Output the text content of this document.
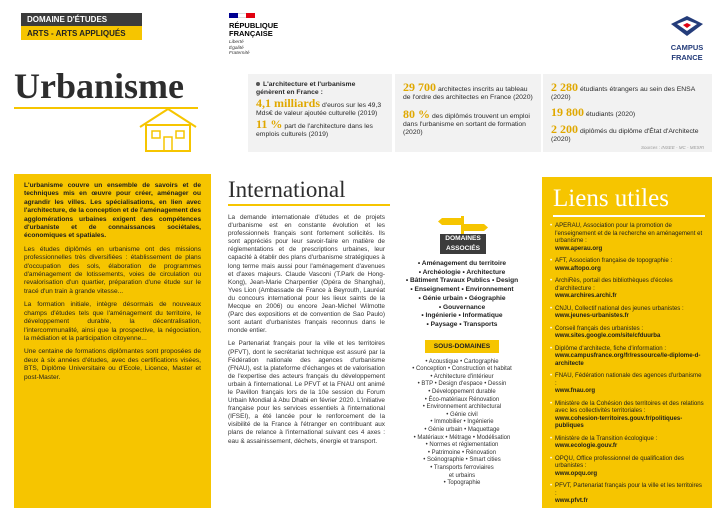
DOMAINE D'ÉTUDES
ARTS - ARTS APPLIQUÉS
Urbanisme
RÉPUBLIQUE
FRANÇAISE
Liberté
Égalité
Fraternité
CAMPUS
FRANCE
L'architecture et l'urbanisme génèrent en France :
4,1 milliards d'euros sur les 49,3 Mds€ de valeur ajoutée culturelle (2019)
11 % part de l'architecture dans les emplois culturels (2019)
29 700 architectes inscrits au tableau de l'ordre des architectes en France (2020)
80 % des diplômés trouvent un emploi dans l'urbanisme en sortant de formation (2020)
2 280 étudiants étrangers au sein des ENSA (2020)
19 800 étudiants (2020)
2 200 diplômés du diplôme d'État d'Architecte (2020)
Sources : INSEE - MC - MESRI

L'urbanisme couvre un ensemble de savoirs et de techniques mis en œuvre pour créer, aménager ou agrandir les villes. Les spécialisations, en lien avec l'architecture, de la conception et de l'aménagement des agglomérations urbaines exigent des compétences d'urbaniste et de connaissances sociétales, économiques et spatiales.

Les études diplômés en urbanisme ont des missions professionnelles très diversifiées : établissement de plans d'occupation des sols, élaboration de programmes d'aménagement de lotissements, voies de circulation ou revalorisation d'un quartier, préparation d'une étude sur le tracé d'un train à grande vitesse...

La formation initiale, intègre désormais de nouveaux champs d'études tels que l'aménagement du territoire, le développement durable, la décentralisation, l'intercommunalité, ainsi que la prospective, la négociation, la médiation et la participation citoyenne...

Une centaine de formations diplômantes sont proposées de deux à six années d'études, avec des certifications visées, BTS, Diplôme Universitaire ou d'Ecole, Licence, Master et post-Master.

International

La demande internationale d'études et de projets d'urbanisme est en constante évolution et les professionnels français sont fortement sollicités. Ils sont appréciés pour leur savoir-faire en matière de réglementations et de prescriptions urbaines, leur capacité à établir des plans d'urbanisme stratégiques à long terme mais aussi pour l'aménagement d'avenues et d'axes majeurs. Claude Vasconi (T.Park de Hong-Kong), Jean-Marie Charpentier (Opéra de Shanghai), Yves Lion (Ambassade de France à Beyrouth, Lauréat du concours international pour les lieux saints de la Mecque en 2006) ou encore Jean-Michel Wilmotte (Parc des expositions et de convention de Sao Paulo) sont autant d'urbanistes français reconnus dans le monde entier.

Le Partenariat français pour la ville et les territoires (PFVT), dont le secrétariat technique est assuré par la Fédération nationale des agences d'urbanisme (FNAU), est la plateforme d'échanges et de valorisation de l'expertise des acteurs français du développement urbain à l'international. Le PFVT et la FNAU ont animé le Pavillon français lors de la 10e session du Forum Urbain Mondial à Abu Dhabi en février 2020. L'initiative française pour les services essentiels à l'international (IFSEI), a été lancée pour le renforcement de la visibilité de la France à l'étranger en contribuant aux plans de relance à l'international suivant ces 4 axes : eau & assainissement, déchets, énergie et transport.

DOMAINES
ASSOCIÉS
• Aménagement du territoire
• Archéologie • Architecture
• Bâtiment Travaux Publics • Design
• Enseignement • Environnement
• Génie urbain • Géographie
• Gouvernance
• Ingénierie • Informatique
• Paysage • Transports
SOUS-DOMAINES
• Acoustique • Cartographie
• Conception • Construction et habitat
• Architecture d'intérieur
• BTP • Design d'espace • Dessin
• Développement durable
• Éco-matériaux Rénovation
• Environnement architectural
• Génie civil
• Immobilier • Ingénierie
• Génie urbain • Maquettage
• Matériaux • Métrage • Modélisation
• Normes et réglementation
• Patrimoine • Rénovation
• Scénographie • Smart cities
• Transports ferroviaires
et urbains
• Topographie
Liens utiles
• APERAU, Association pour la promotion de l'enseignement et de la recherche en aménagement et urbanisme :
www.aperau.org
• AFT, Association française de topographie :
www.aftopo.org
• ArchiRès, portail des bibliothèques d'écoles d'architecture :
www.archires.archi.fr
• CNJU, Collectif national des jeunes urbanistes :
www.jeunes-urbanistes.fr
• Conseil français des urbanistes :
www.sites.google.com/site/cfduurba
• Diplôme d'architecte, fiche d'information :
www.campusfrance.org/fr/ressource/le-diplome-d-architecte
• FNAU, Fédération nationale des agences d'urbanisme :
www.fnau.org
• Ministère de la Cohésion des territoires et des relations avec les collectivités territoriales :
www.cohesion-territoires.gouv.fr/politiques-publiques
• Ministère de la Transition écologique :
www.ecologie.gouv.fr
• OPQU, Office professionnel de qualification des urbanistes :
www.opqu.org
• PFVT, Partenariat français pour la ville et les territoires :
www.pfvt.fr
